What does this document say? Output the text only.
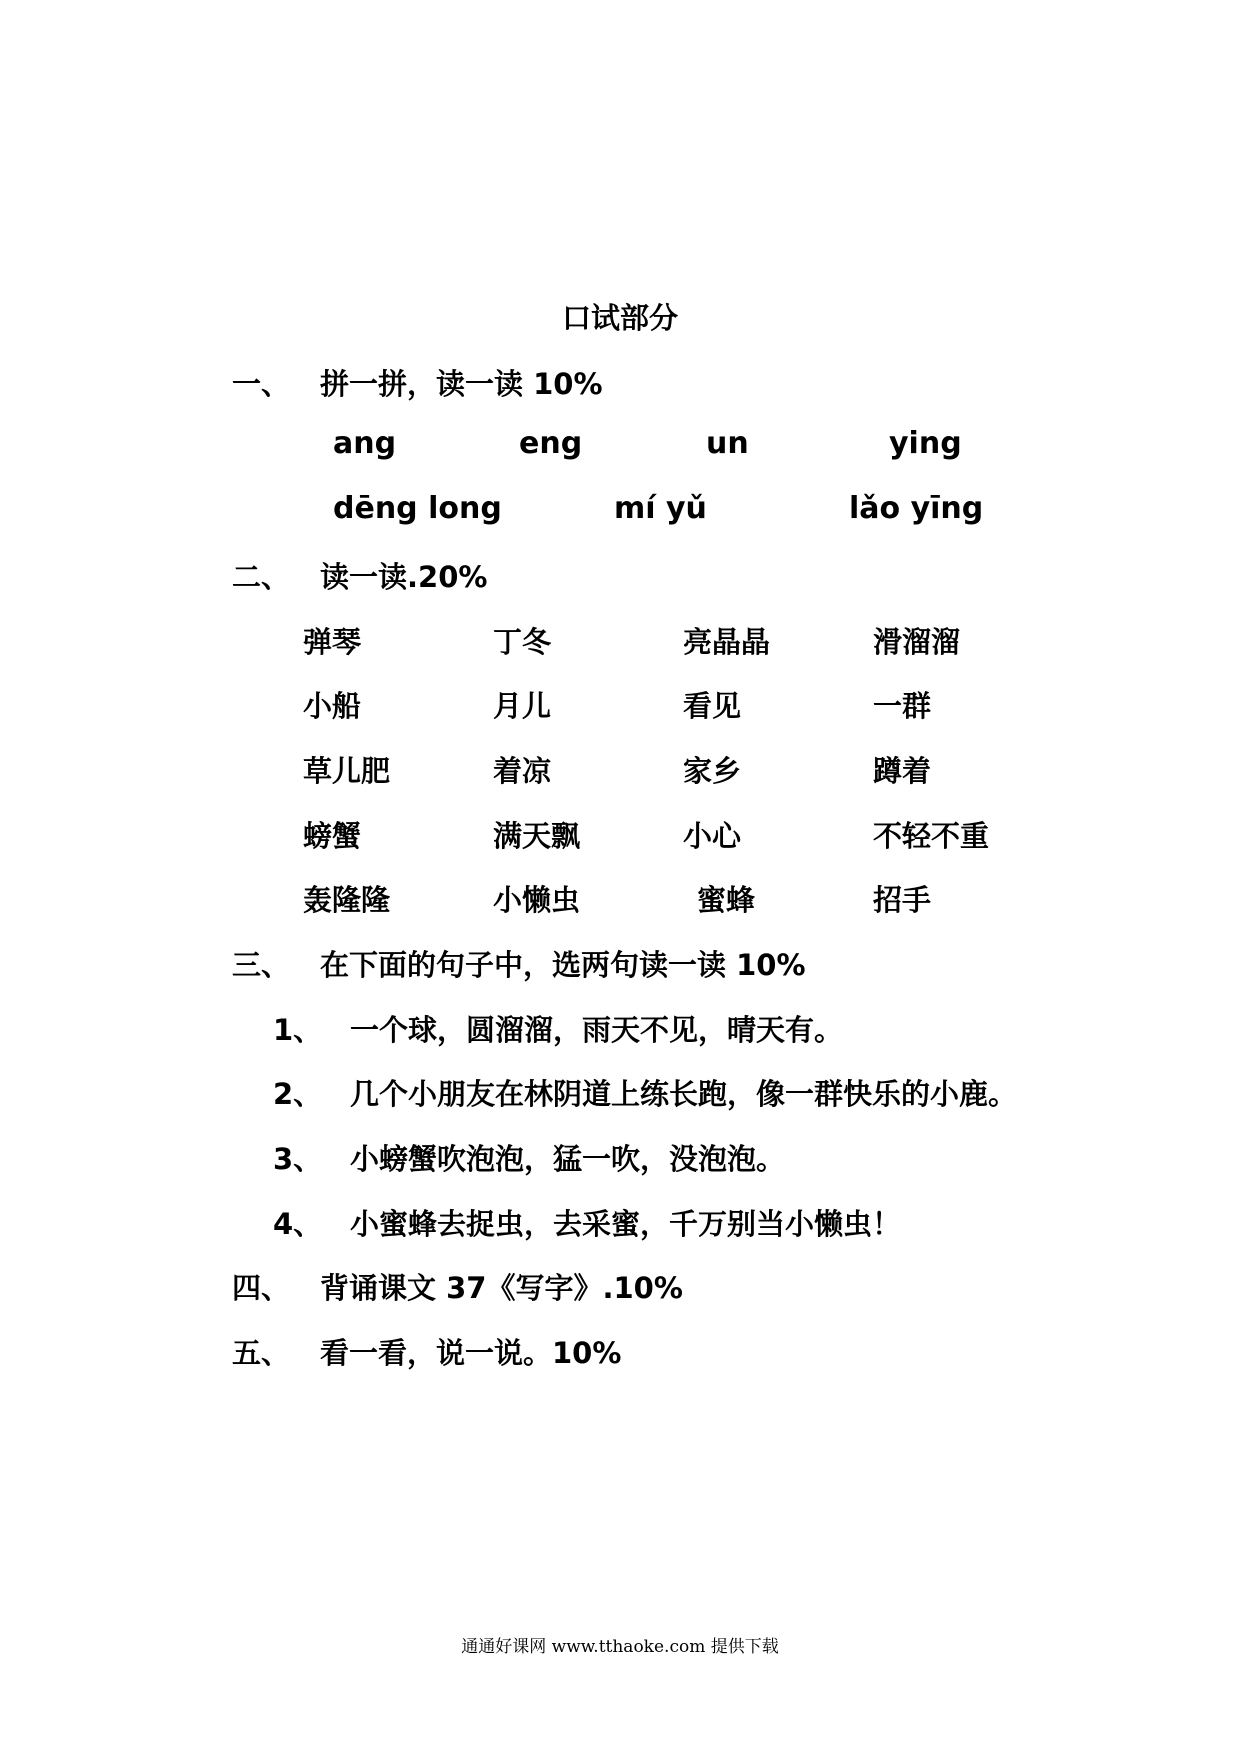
口试部分
一、 拼一拼，读一读 10%
ang	eng	un	ying
dēng long	mí yǔ	lǎo yīng
二、 读一读.20%
弹琴	丁冬	亮晶晶	滑溜溜
小船	月儿	看见	一群
草儿肥	着凉	家乡	蹲着
螃蟹	满天飘	小心	不轻不重
轰隆隆	小懒虫	蜜蜂	招手
三、 在下面的句子中，选两句读一读 10%
1、 一个球，圆溜溜，雨天不见，晴天有。
2、 几个小朋友在林阴道上练长跑，像一群快乐的小鹿。
3、 小螃蟹吹泡泡，猛一吹，没泡泡。
4、 小蜜蜂去捉虫，去采蜜，千万别当小懒虫！
四、 背诵课文 37《写字》.10%
五、 看一看，说一说。10%
通通好课网 www.tthaoke.com 提供下载
